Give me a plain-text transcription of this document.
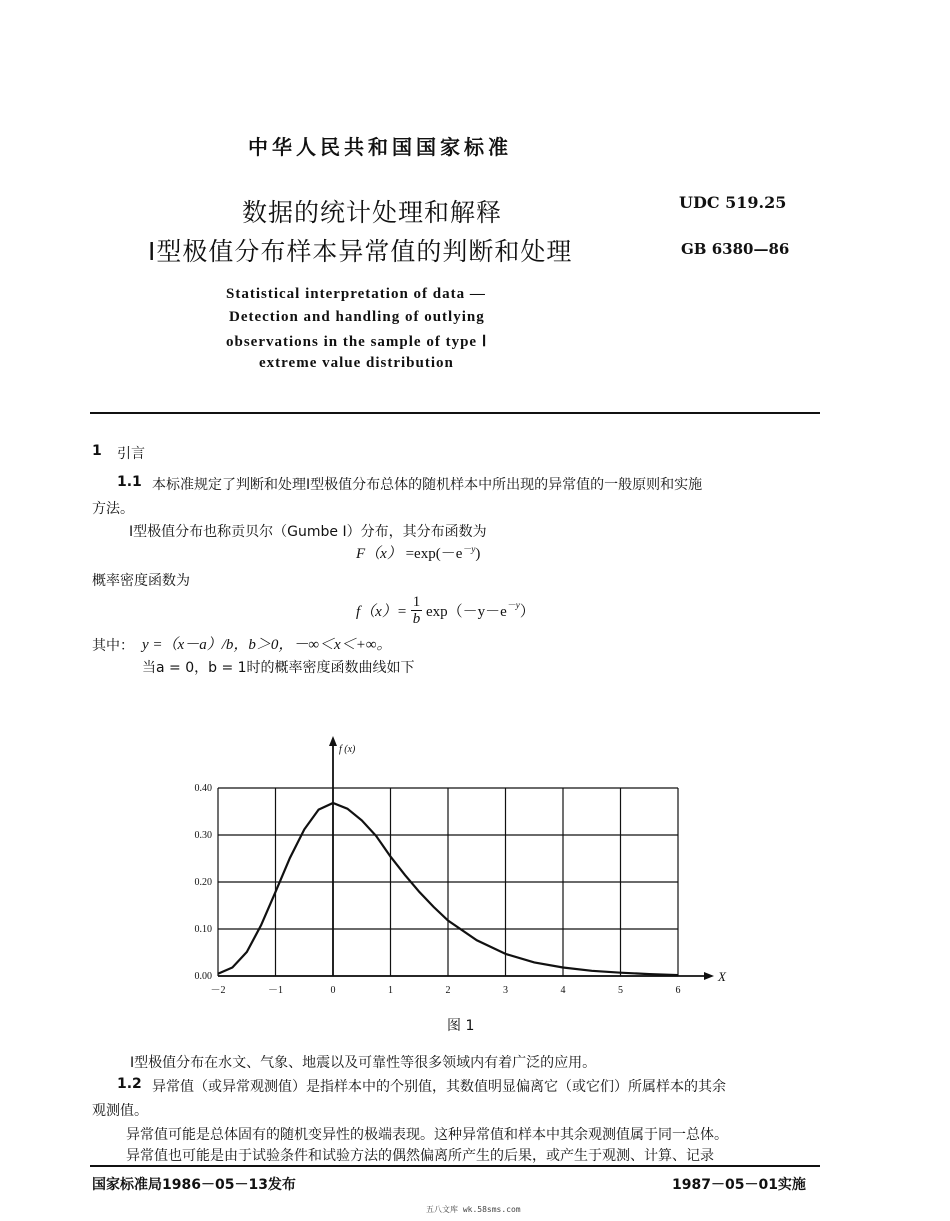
中华人民共和国国家标准
数据的统计处理和解释
Ⅰ型极值分布样本异常值的判断和处理
UDC 519.25
GB 6380—86
Statistical interpretation of data —
Detection and handling of outlying
observations in the sample of type Ⅰ
extreme value distribution
1 引言
1.1 本标准规定了判断和处理Ⅰ型极值分布总体的随机样本中所出现的异常值的一般原则和实施
方法。
Ⅰ型极值分布也称贡贝尔（Gumbe Ⅰ）分布，其分布函数为
$F(x) =\exp(-e^{-y})$
概率密度函数为
$f(x)= \frac{1}{b} \exp(-y-e^{-y})$
其中： y =（x－a）/b，b＞0，－∞＜x＜+∞。
当a = 0，b = 1时的概率密度函数曲线如下
0.00
0.10
0.20
0.30
0.40
－2	－1	0	1	2	3	4	5	6
f (x)
X
图 1
Ⅰ型极值分布在水文、气象、地震以及可靠性等很多领域内有着广泛的应用。
1.2 异常值（或异常观测值）是指样本中的个别值，其数值明显偏离它（或它们）所属样本的其余
观测值。
异常值可能是总体固有的随机变异性的极端表现。这种异常值和样本中其余观测值属于同一总体。
异常值也可能是由于试验条件和试验方法的偶然偏离所产生的后果，或产生于观测、计算、记录
国家标准局1986－05－13发布	1987－05－01实施
五八文库 wk.58sms.com
